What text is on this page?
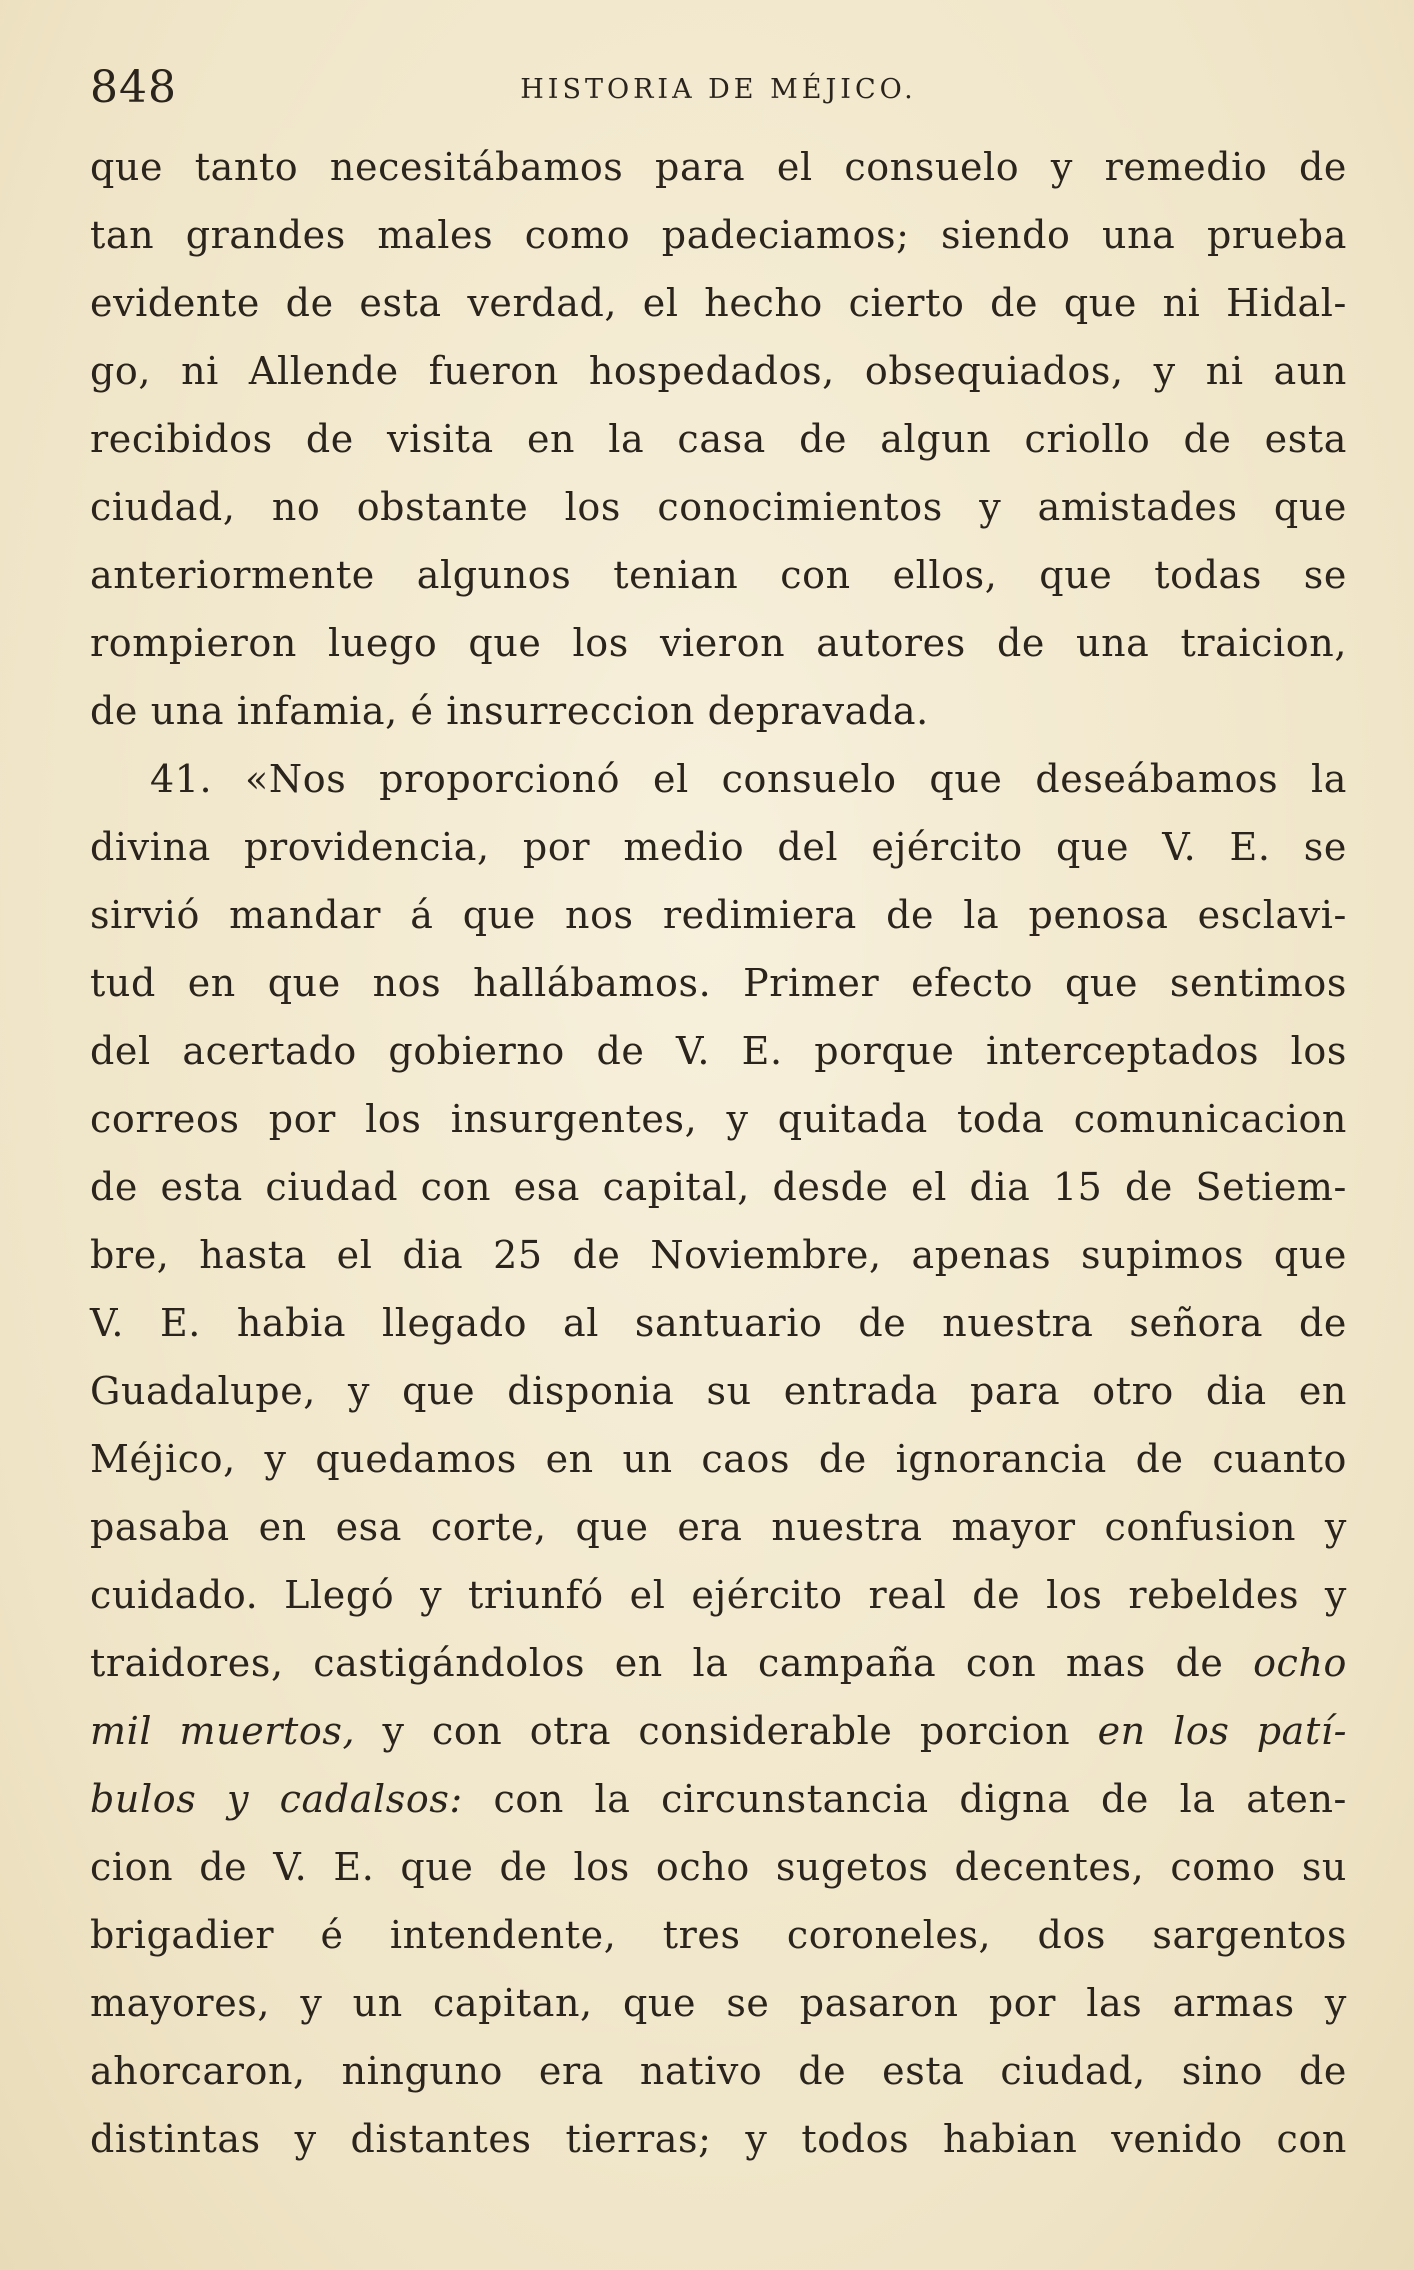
848	HISTORIA DE MÉJICO.
que tanto necesitábamos para el consuelo y remedio de
tan grandes males como padeciamos; siendo una prueba
evidente de esta verdad, el hecho cierto de que ni Hidal-
go, ni Allende fueron hospedados, obsequiados, y ni aun
recibidos de visita en la casa de algun criollo de esta
ciudad, no obstante los conocimientos y amistades que
anteriormente algunos tenian con ellos, que todas se
rompieron luego que los vieron autores de una traicion,
de una infamia, é insurreccion depravada.
41. «Nos proporcionó el consuelo que deseábamos la
divina providencia, por medio del ejército que V. E. se
sirvió mandar á que nos redimiera de la penosa esclavi-
tud en que nos hallábamos. Primer efecto que sentimos
del acertado gobierno de V. E. porque interceptados los
correos por los insurgentes, y quitada toda comunicacion
de esta ciudad con esa capital, desde el dia 15 de Setiem-
bre, hasta el dia 25 de Noviembre, apenas supimos que
V. E. habia llegado al santuario de nuestra señora de
Guadalupe, y que disponia su entrada para otro dia en
Méjico, y quedamos en un caos de ignorancia de cuanto
pasaba en esa corte, que era nuestra mayor confusion y
cuidado. Llegó y triunfó el ejército real de los rebeldes y
traidores, castigándolos en la campaña con mas de ocho
mil muertos, y con otra considerable porcion en los patí-
bulos y cadalsos: con la circunstancia digna de la aten-
cion de V. E. que de los ocho sugetos decentes, como su
brigadier é intendente, tres coroneles, dos sargentos
mayores, y un capitan, que se pasaron por las armas y
ahorcaron, ninguno era nativo de esta ciudad, sino de
distintas y distantes tierras; y todos habian venido con
